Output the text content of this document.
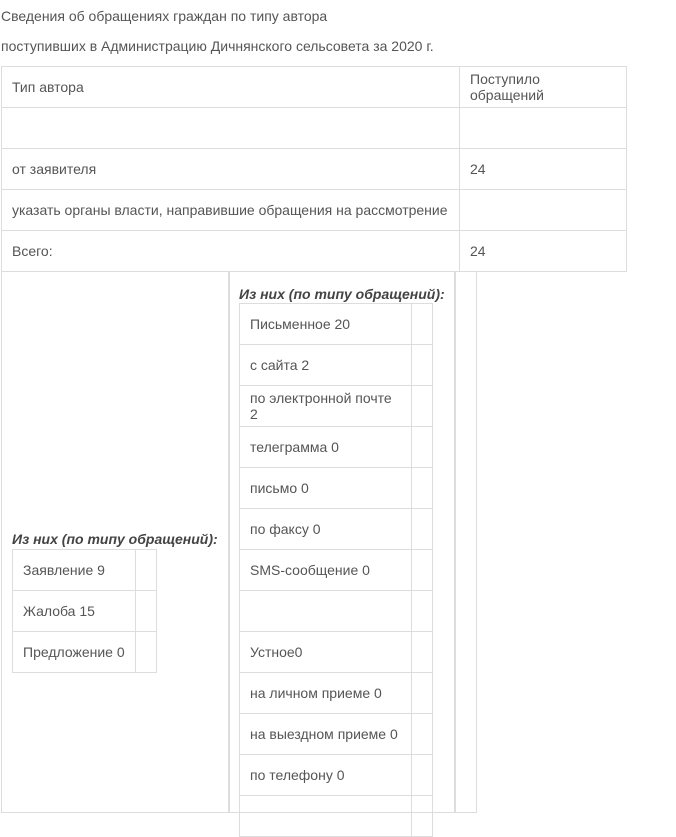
Сведения об обращениях граждан по типу автора
поступивших в Администрацию Дичнянского сельсовета за 2020 г.
Тип автора	Поступило обращений

от заявителя	24
указать органы власти, направившие обращения на рассмотрение	
Всего:	24
Из них (по типу обращений):
Заявление 9	
Жалоба 15	
Предложение 0	
Из них (по типу обращений):
Письменное 20	
с сайта 2	
по электронной почте 2	
телеграмма 0	
письмо 0	
по факсу 0	
SMS-сообщение 0	

Устное0	
на личном приеме 0	
на выездном приеме 0	
по телефону 0	
